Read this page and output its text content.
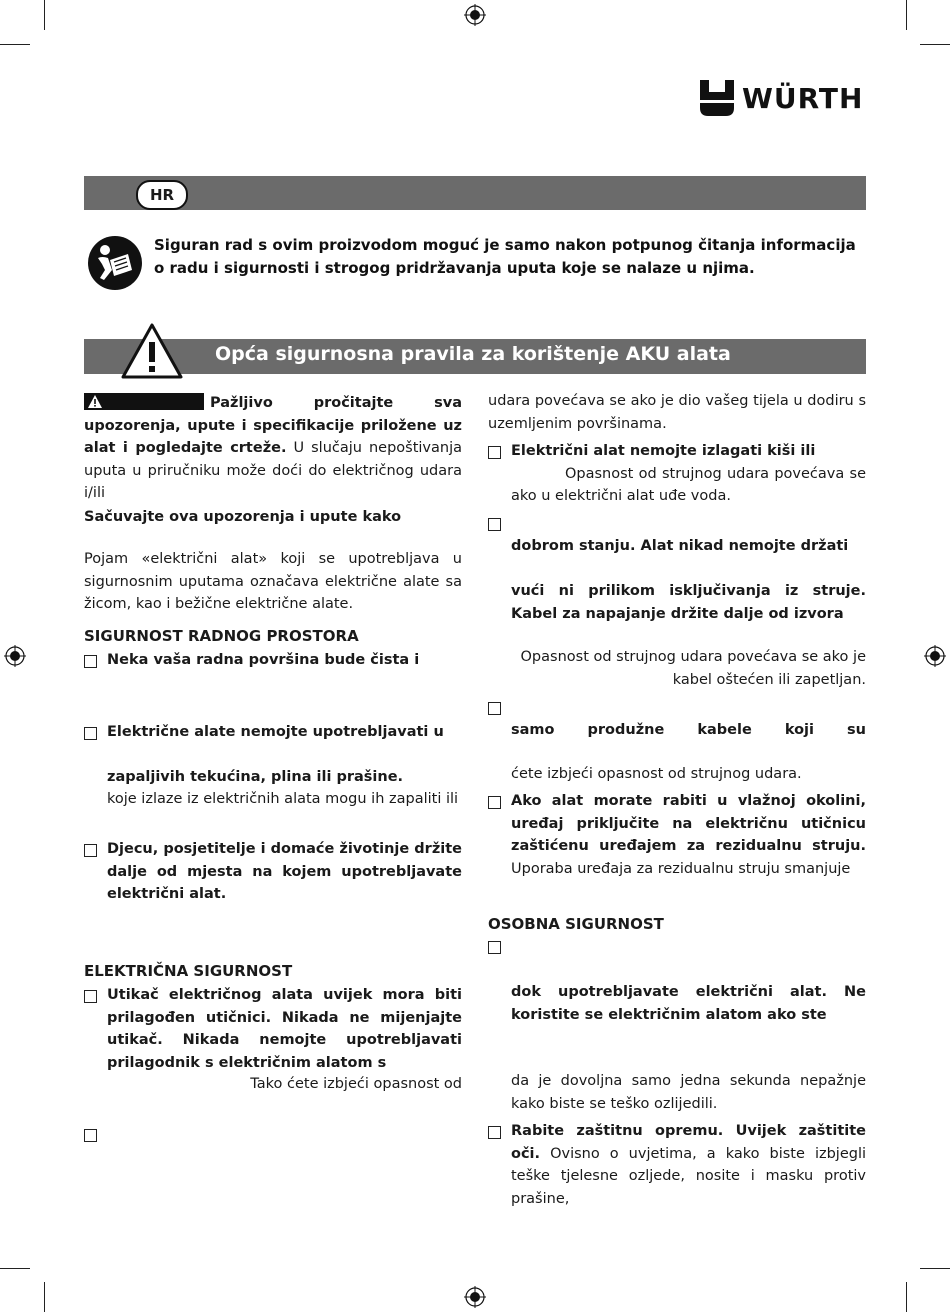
WÜRTH
HR
Siguran rad s ovim proizvodom moguć je samo nakon potpunog čitanja informacija o radu i sigurnosti i strogog pridržavanja uputa koje se nalaze u njima.
Opća sigurnosna pravila za korištenje AKU alata
Pažljivo pročitajte sva upozorenja, upute i specifikacije priložene uz alat i pogledajte crteže. U slučaju nepoštivanja uputa u priručniku može doći do električnog udara i/ili
Sačuvajte ova upozorenja i upute kako
Pojam «električni alat» koji se upotrebljava u sigurnosnim uputama označava električne alate sa žicom, kao i bežične električne alate.
SIGURNOST RADNOG PROSTORA
Neka vaša radna površina bude čista i
Električne alate nemojte upotrebljavati u
zapaljivih tekućina, plina ili prašine.
koje izlaze iz električnih alata mogu ih zapaliti ili
Djecu, posjetitelje i domaće životinje držite dalje od mjesta na kojem upotrebljavate električni alat.
ELEKTRIČNA SIGURNOST
Utikač električnog alata uvijek mora biti prilagođen utičnici. Nikada ne mijenjajte utikač. Nikada nemojte upotrebljavati prilagodnik s električnim alatom s
Tako ćete izbjeći opasnost od
udara povećava se ako je dio vašeg tijela u dodiru s uzemljenim površinama.
Električni alat nemojte izlagati kiši ili
Opasnost od strujnog udara povećava se ako u električni alat uđe voda.
dobrom stanju. Alat nikad nemojte držati
vući ni prilikom isključivanja iz struje. Kabel za napajanje držite dalje od izvora
Opasnost od strujnog udara povećava se ako je kabel oštećen ili zapetljan.
samo produžne kabele koji su
ćete izbjeći opasnost od strujnog udara.
Ako alat morate rabiti u vlažnoj okolini, uređaj priključite na električnu utičnicu zaštićenu uređajem za rezidualnu struju. Uporaba uređaja za rezidualnu struju smanjuje
OSOBNA SIGURNOST
dok upotrebljavate električni alat. Ne koristite se električnim alatom ako ste
da je dovoljna samo jedna sekunda nepažnje kako biste se teško ozlijedili.
Rabite zaštitnu opremu. Uvijek zaštitite oči. Ovisno o uvjetima, a kako biste izbjegli teške tjelesne ozljede, nosite i masku protiv prašine,
